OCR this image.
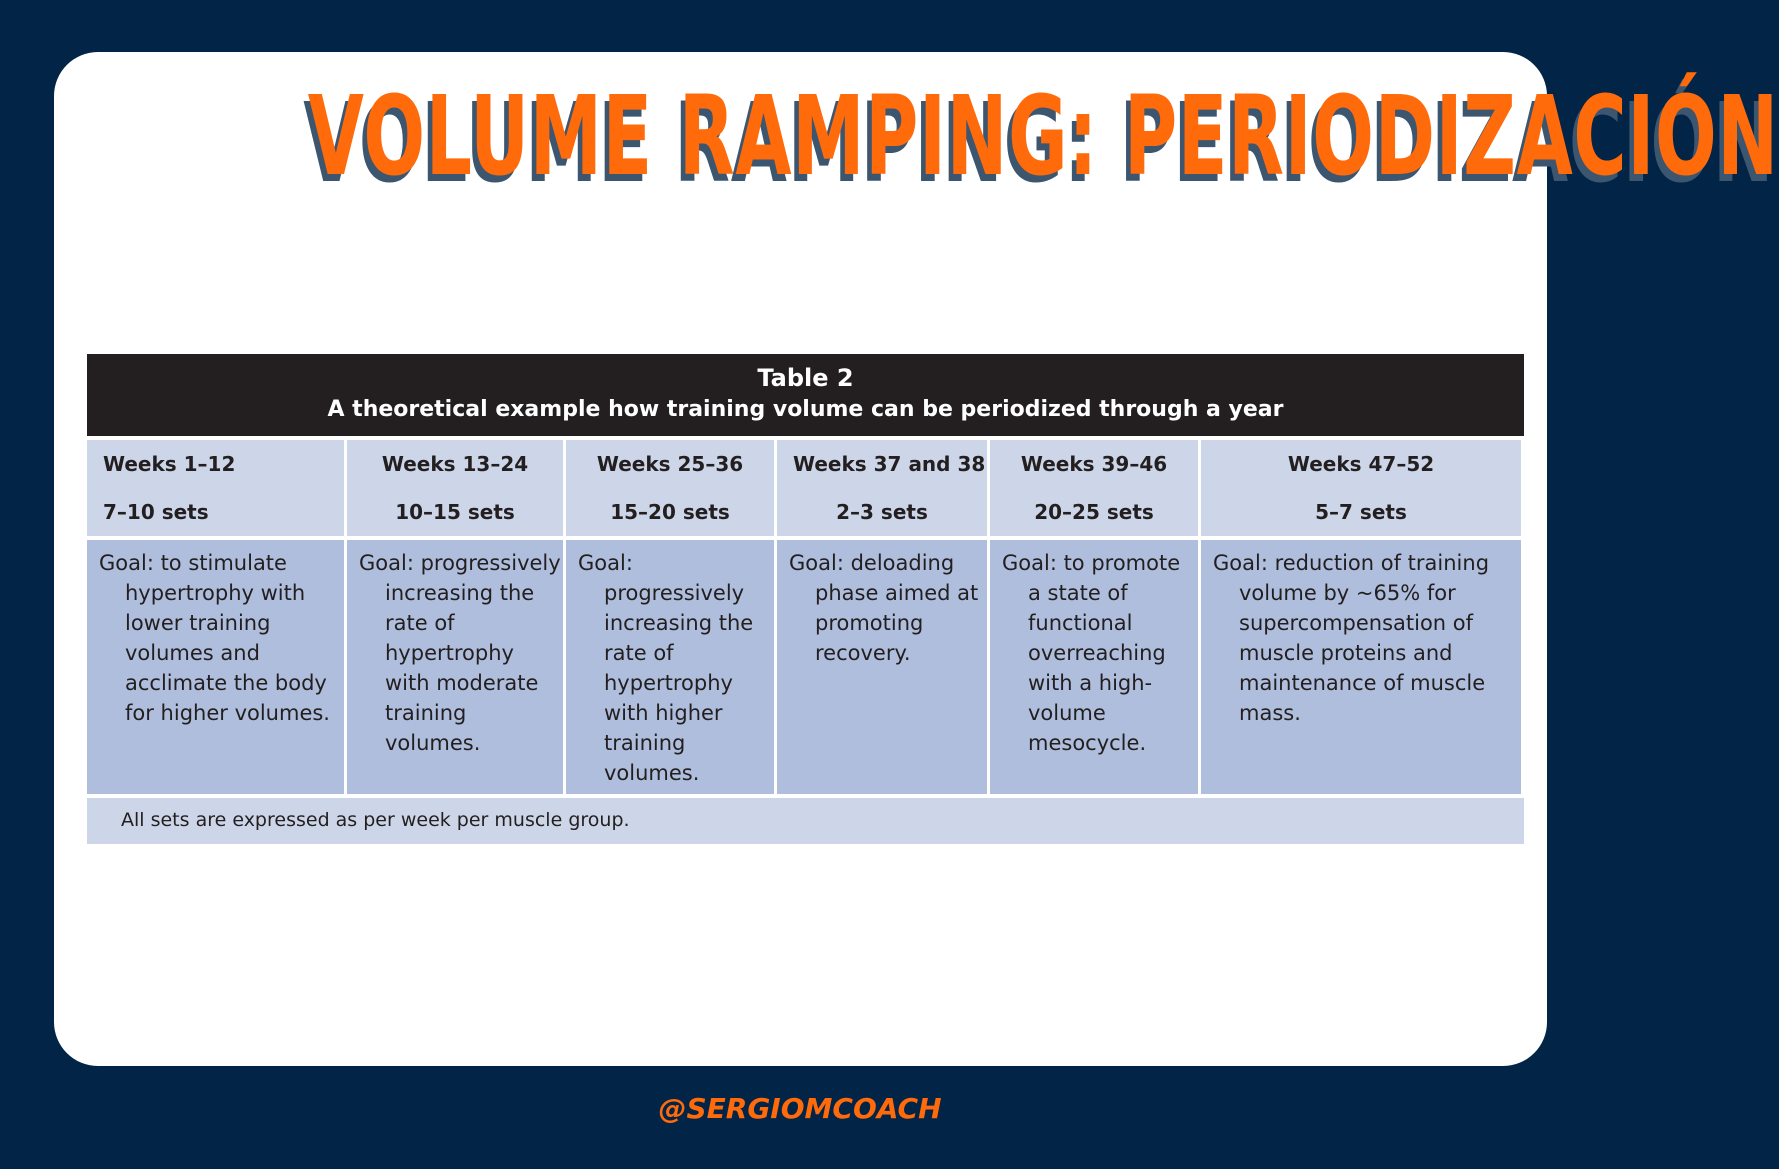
VOLUME RAMPING: PERIODIZACIÓN
Table 2
A theoretical example how training volume can be periodized through a year
Weeks 1–12
7–10 sets
Goal: to stimulate hypertrophy with lower training volumes and acclimate the body for higher volumes.
Weeks 13–24
10–15 sets
Goal: progressively increasing the rate of hypertrophy with moderate training volumes.
Weeks 25–36
15–20 sets
Goal: progressively increasing the rate of hypertrophy with higher training volumes.
Weeks 37 and 38
2–3 sets
Goal: deloading phase aimed at promoting recovery.
Weeks 39–46
20–25 sets
Goal: to promote a state of functional overreaching with a high-volume mesocycle.
Weeks 47–52
5–7 sets
Goal: reduction of training volume by ~65% for supercompensation of muscle proteins and maintenance of muscle mass.
All sets are expressed as per week per muscle group.
@SERGIOMCOACH
